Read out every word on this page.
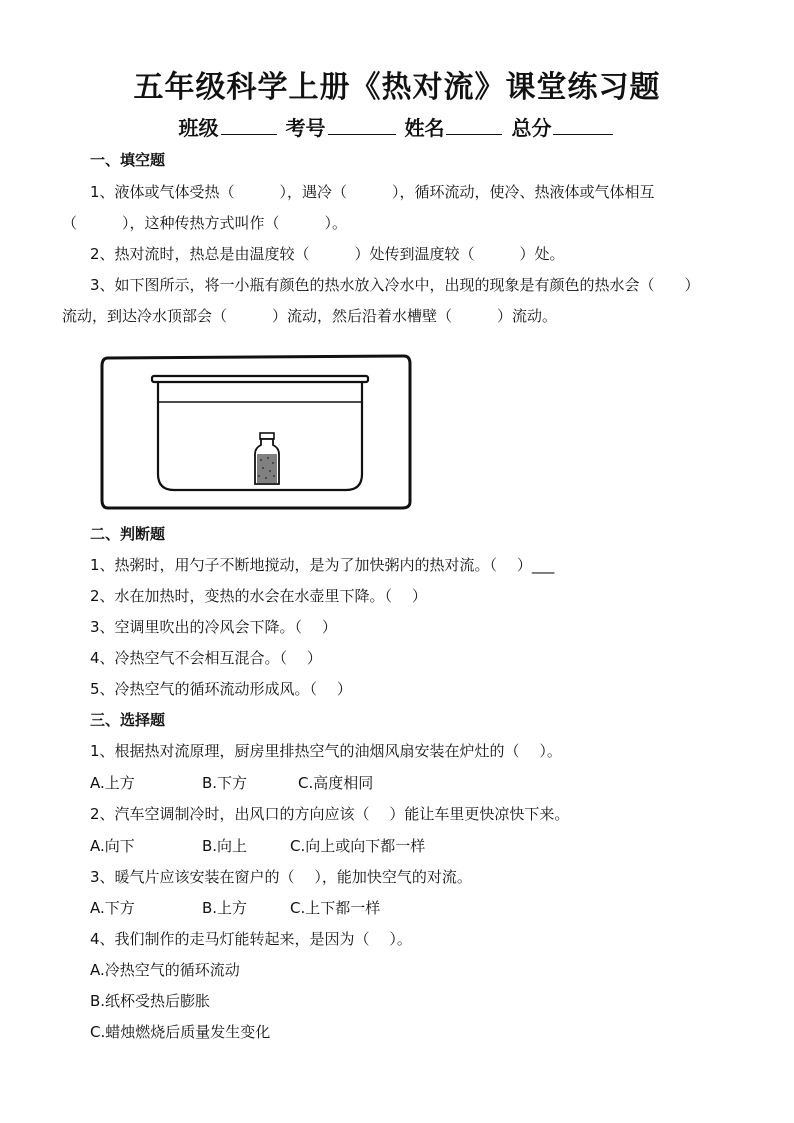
五年级科学上册《热对流》课堂练习题
班级	考号	姓名	总分
一、填空题
1、液体或气体受热（　　　），遇冷（　　　），循环流动，使冷、热液体或气体相互
（　　　），这种传热方式叫作（　　　）。
2、热对流时，热总是由温度较（　　　）处传到温度较（　　　）处。
3、如下图所示，将一小瓶有颜色的热水放入冷水中，出现的现象是有颜色的热水会（　　）
流动，到达冷水顶部会（　　　）流动，然后沿着水槽壁（　　　）流动。
二、判断题
1、热粥时，用勺子不断地搅动，是为了加快粥内的热对流。（　 ）___
2、水在加热时，变热的水会在水壶里下降。（　 ）
3、空调里吹出的冷风会下降。（　 ）
4、冷热空气不会相互混合。（　 ）
5、冷热空气的循环流动形成风。（　 ）
三、选择题
1、根据热对流原理，厨房里排热空气的油烟风扇安装在炉灶的（　 ）。
A.上方	B.下方	C.高度相同
2、汽车空调制冷时，出风口的方向应该（　 ）能让车里更快凉快下来。
A.向下	B.向上	C.向上或向下都一样
3、暖气片应该安装在窗户的（　 ），能加快空气的对流。
A.下方	B.上方	C.上下都一样
4、我们制作的走马灯能转起来，是因为（　 ）。
A.冷热空气的循环流动
B.纸杯受热后膨胀
C.蜡烛燃烧后质量发生变化
